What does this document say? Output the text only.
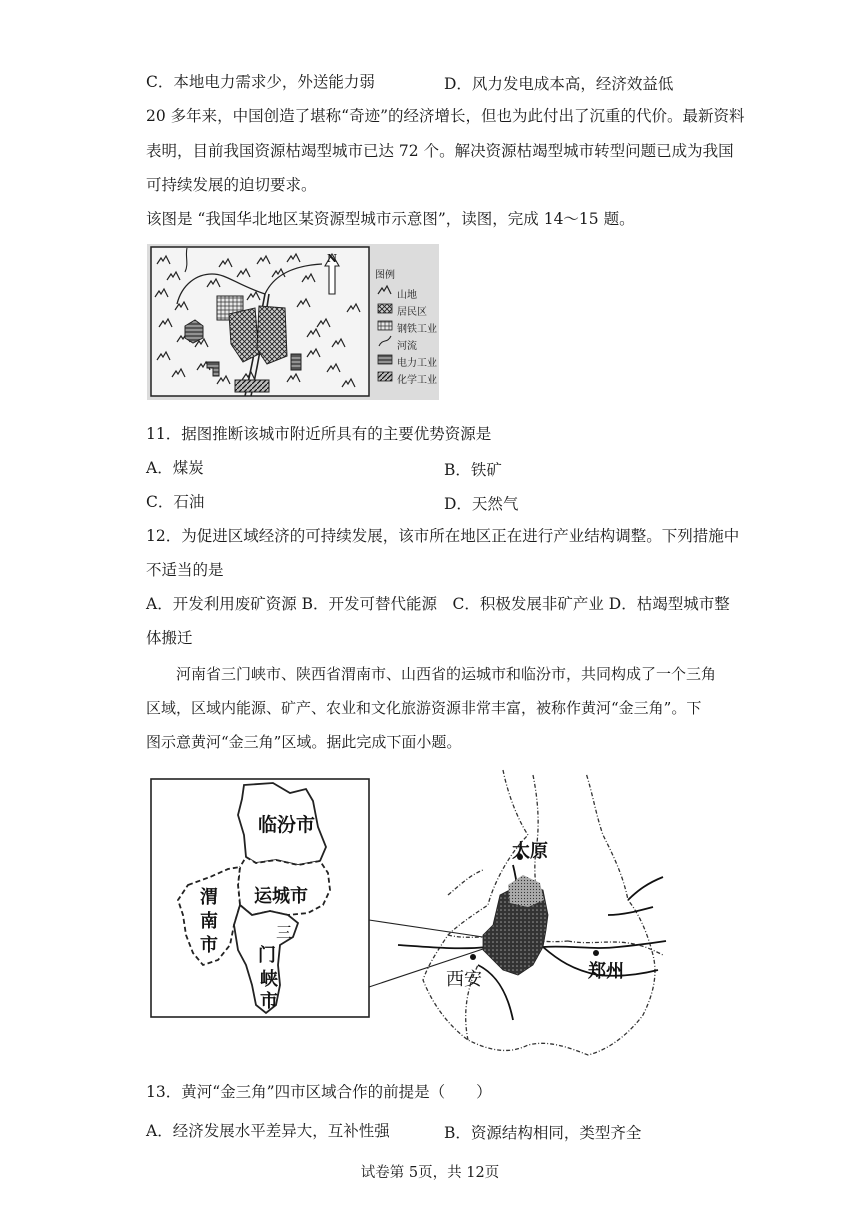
C．本地电力需求少，外送能力弱	D．风力发电成本高，经济效益低
20 多年来，中国创造了堪称“奇迹”的经济增长，但也为此付出了沉重的代价。最新资料
表明，目前我国资源枯竭型城市已达 72 个。解决资源枯竭型城市转型问题已成为我国
可持续发展的迫切要求。
该图是 “我国华北地区某资源型城市示意图”，读图，完成 14～15 题。
N
图例
山地
居民区
钢铁工业
河流
电力工业
化学工业
11．据图推断该城市附近所具有的主要优势资源是
A．煤炭	B．铁矿
C．石油	D．天然气
12．为促进区域经济的可持续发展，该市所在地区正在进行产业结构调整。下列措施中
不适当的是
A．开发利用废矿资源 B．开发可替代能源　C．积极发展非矿产业 D．枯竭型城市整
体搬迁
河南省三门峡市、陕西省渭南市、山西省的运城市和临汾市，共同构成了一个三角
区域，区域内能源、矿产、农业和文化旅游资源非常丰富，被称作黄河“金三角”。下
图示意黄河“金三角”区域。据此完成下面小题。
临汾市
运城市
渭
南
市
三
门
峡
市
太原
西安	郑州
13．黄河“金三角”四市区域合作的前提是（　　）
A．经济发展水平差异大，互补性强	B．资源结构相同，类型齐全
试卷第 5页，共 12页
